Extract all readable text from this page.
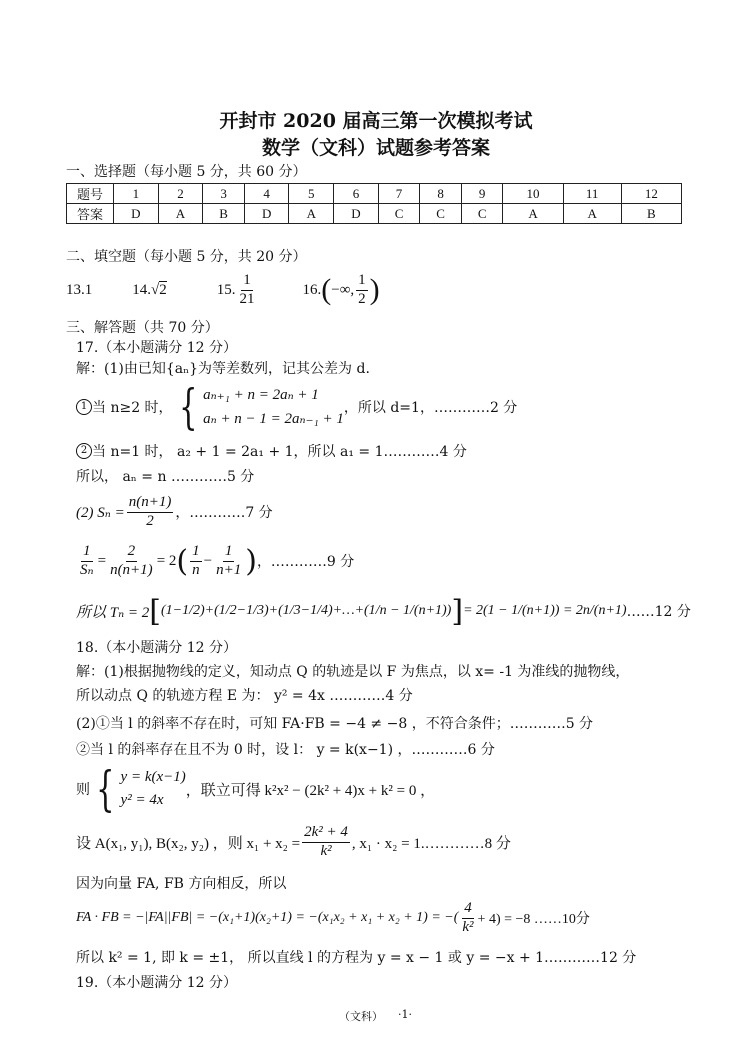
开封市 2020 届高三第一次模拟考试
数学（文科）试题参考答案
一、选择题（每小题 5 分，共 60 分）
题号	1	2	3	4	5	6	7	8	9	10	11	12
答案	D	A	B	D	A	D	C	C	C	A	A	B
二、填空题（每小题 5 分，共 20 分）
13.1	14. √ 2	15. $\frac{1}{21}$	16. ( −∞, $\frac{1}{2}$ )
三、解答题（共 70 分）
17.（本小题满分 12 分）
解：(1)由已知{aₙ}为等差数列，记其公差为 d.
1 当 n≥2 时， { aₙ₊₁ + n = 2aₙ + 1
aₙ + n − 1 = 2aₙ₋₁ + 1
，所以 d=1，…………2 分
2 当 n=1 时， a₂ + 1 = 2a₁ + 1，所以 a₁ = 1…………4 分
所以， aₙ = n …………5 分
(2) $S_n = \frac{n(n+1)}{2}$ ，…………7 分
$\frac{1}{\text{Sₙ}} = \frac{2}{n(n+1)} = 2$ ( $\frac{1}{n} - \frac{1}{n+1}$ ) ，…………9 分
所以 Tₙ = 2 [ (1−1/2)+(1/2−1/3)+(1/3−1/4)+…+(1/n − 1/(n+1)) ] = 2(1 − 1/(n+1)) = 2n/(n+1) ……12 分
18.（本小题满分 12 分）
解：(1)根据抛物线的定义，知动点 Q 的轨迹是以 F 为焦点，以 x= -1 为准线的抛物线，
所以动点 Q 的轨迹方程 E 为： y² = 4x …………4 分
(2)①当 l 的斜率不存在时，可知 FA·FB = −4 ≠ −8 ，不符合条件；…………5 分
②当 l 的斜率存在且不为 0 时，设 l： y = k(x−1) ，…………6 分
则 { y = k(x−1)
y² = 4x
，联立可得 k²x² − (2k² + 4)x + k² = 0 ，
设 A(x₁, y₁), B(x₂, y₂) ，则 $x_1 + x_2 = \frac{\text{2k² + 4}}{\text{k²}}$ , x₁ · x₂ = 1.…………8 分
因为向量 FA, FB 方向相反，所以
FA · FB = −|FA||FB| = −(x₁+1)(x₂+1) = −(x₁x₂ + x₁ + x₂ + 1) = −( $\frac{4}{\text{k²}} + 4) = -8$ ……10分
所以 k² = 1, 即 k = ±1， 所以直线 l 的方程为 y = x − 1 或 y = −x + 1…………12 分
19.（本小题满分 12 分）
（文科） ·1·
